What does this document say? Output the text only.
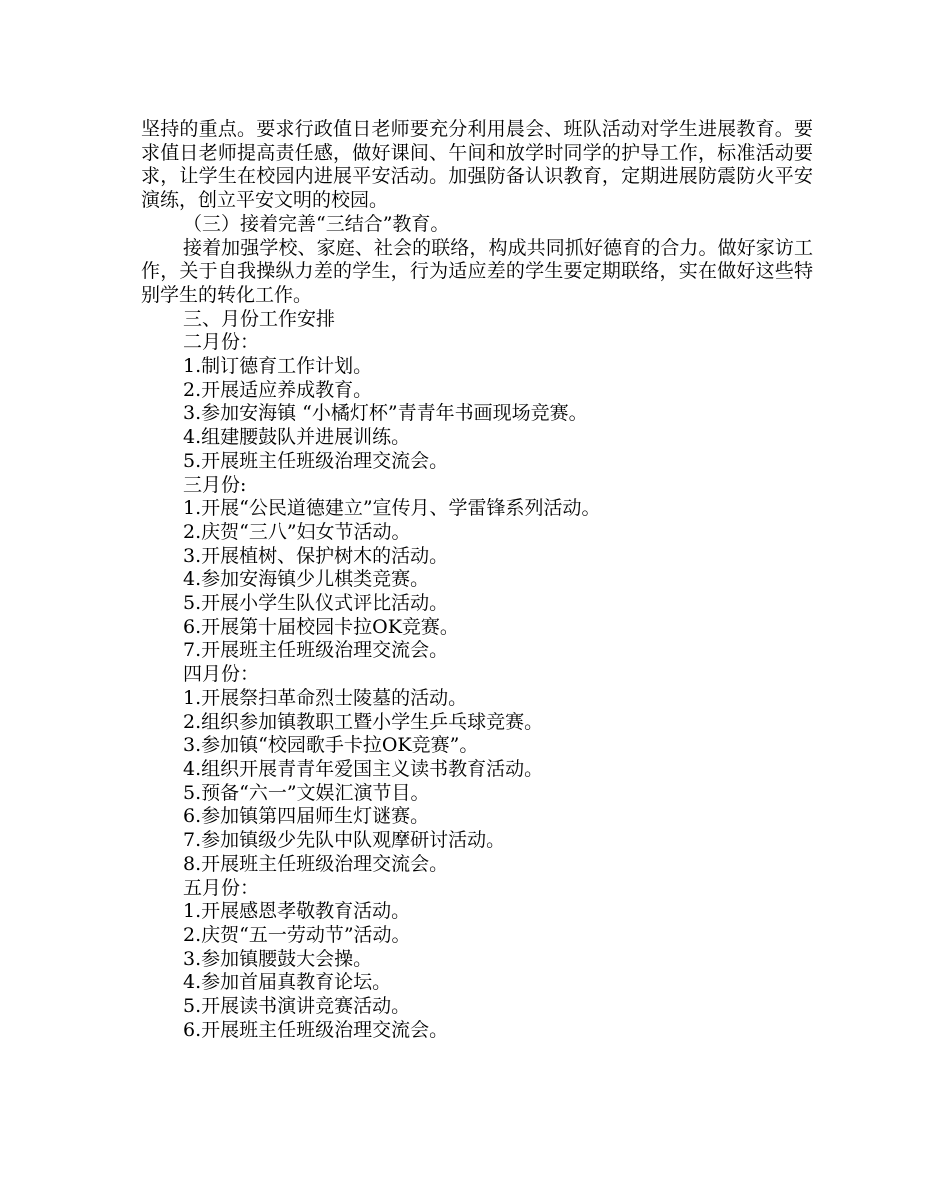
坚持的重点。要求行政值日老师要充分利用晨会、班队活动对学生进展教育。要求值日老师提高责任感，做好课间、午间和放学时同学的护导工作，标准活动要求，让学生在校园内进展平安活动。加强防备认识教育，定期进展防震防火平安演练，创立平安文明的校园。

（三）接着完善“三结合”教育。

接着加强学校、家庭、社会的联络，构成共同抓好德育的合力。做好家访工作，关于自我操纵力差的学生，行为适应差的学生要定期联络，实在做好这些特别学生的转化工作。

三、月份工作安排

二月份：

1.制订德育工作计划。

2.开展适应养成教育。

3.参加安海镇 “小橘灯杯”青青年书画现场竞赛。

4.组建腰鼓队并进展训练。

5.开展班主任班级治理交流会。

三月份:

1.开展“公民道德建立”宣传月、学雷锋系列活动。

2.庆贺“三八”妇女节活动。

3.开展植树、保护树木的活动。

4.参加安海镇少儿棋类竞赛。

5.开展小学生队仪式评比活动。

6.开展第十届校园卡拉OK竞赛。

7.开展班主任班级治理交流会。

四月份：

1.开展祭扫革命烈士陵墓的活动。

2.组织参加镇教职工暨小学生乒乓球竞赛。

3.参加镇“校园歌手卡拉OK竞赛”。

4.组织开展青青年爱国主义读书教育活动。

5.预备“六一”文娱汇演节目。

6.参加镇第四届师生灯谜赛。

7.参加镇级少先队中队观摩研讨活动。

8.开展班主任班级治理交流会。

五月份：

1.开展感恩孝敬教育活动。

2.庆贺“五一劳动节”活动。

3.参加镇腰鼓大会操。

4.参加首届真教育论坛。

5.开展读书演讲竞赛活动。

6.开展班主任班级治理交流会。
